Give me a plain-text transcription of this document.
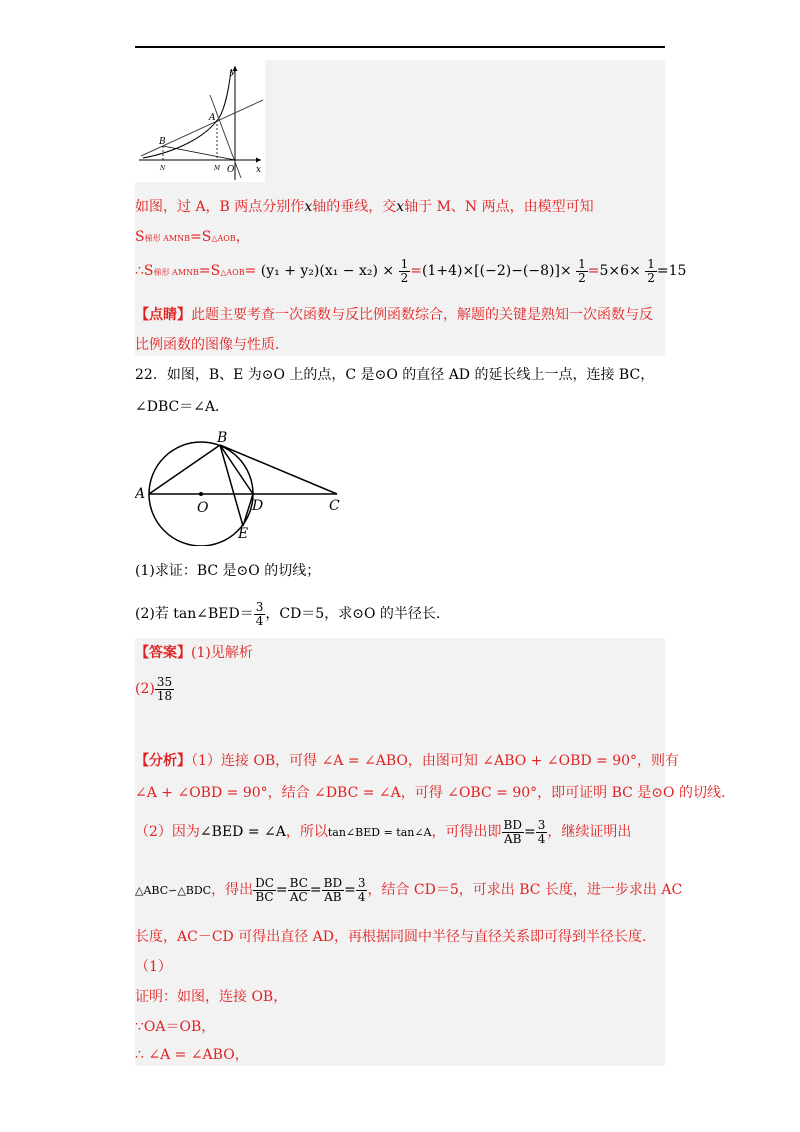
y
x
A
B
N	M O
如图，过 A，B 两点分别作x轴的垂线，交x轴于 M、N 两点，由模型可知
S梯形 AMNB=S△AOB，
∴S梯形 AMNB=S△AOB= $(y_1 + y_2)(x_1 - x_2) \times \frac{1}{2} =(1+4)\times[(-2)-(-8)]\times \frac{1}{2} =5\times 6\times \frac{1}{2} =15$
【点睛】此题主要考查一次函数与反比例函数综合，解题的关键是熟知一次函数与反
比例函数的图像与性质.
22．如图，B、E 为⊙O 上的点，C 是⊙O 的直径 AD 的延长线上一点，连接 BC，
∠DBC＝∠A．
A
B
C
D
E
O
(1)求证：BC 是⊙O 的切线；
(2)若 tan∠BED＝ $\frac{3}{4}$ ，CD＝5，求⊙O 的半径长.
【答案】(1)见解析
$(2) \frac{35}{18}$
【分析】（1）连接 OB，可得 ∠A = ∠ABO，由图可知 ∠ABO + ∠OBD = 90°，则有
∠A + ∠OBD = 90°，结合 ∠DBC = ∠A，可得 ∠OBC = 90°，即可证明 BC 是⊙O 的切线.
（2）因为∠BED = ∠A，所以tan∠BED = tan∠A，可得出即 $\frac{BD}{AB} = \frac{3}{4}$ ，继续证明出
△ABC∽△BDC，得出 $\frac{DC}{BC} = \frac{BC}{AC} = \frac{BD}{AB} = \frac{3}{4}$ ，结合 CD＝5，可求出 BC 长度，进一步求出 AC
长度，AC－CD 可得出直径 AD，再根据同圆中半径与直径关系即可得到半径长度.
（1）
证明：如图，连接 OB，
∵OA＝OB，
∴ ∠A = ∠ABO，
